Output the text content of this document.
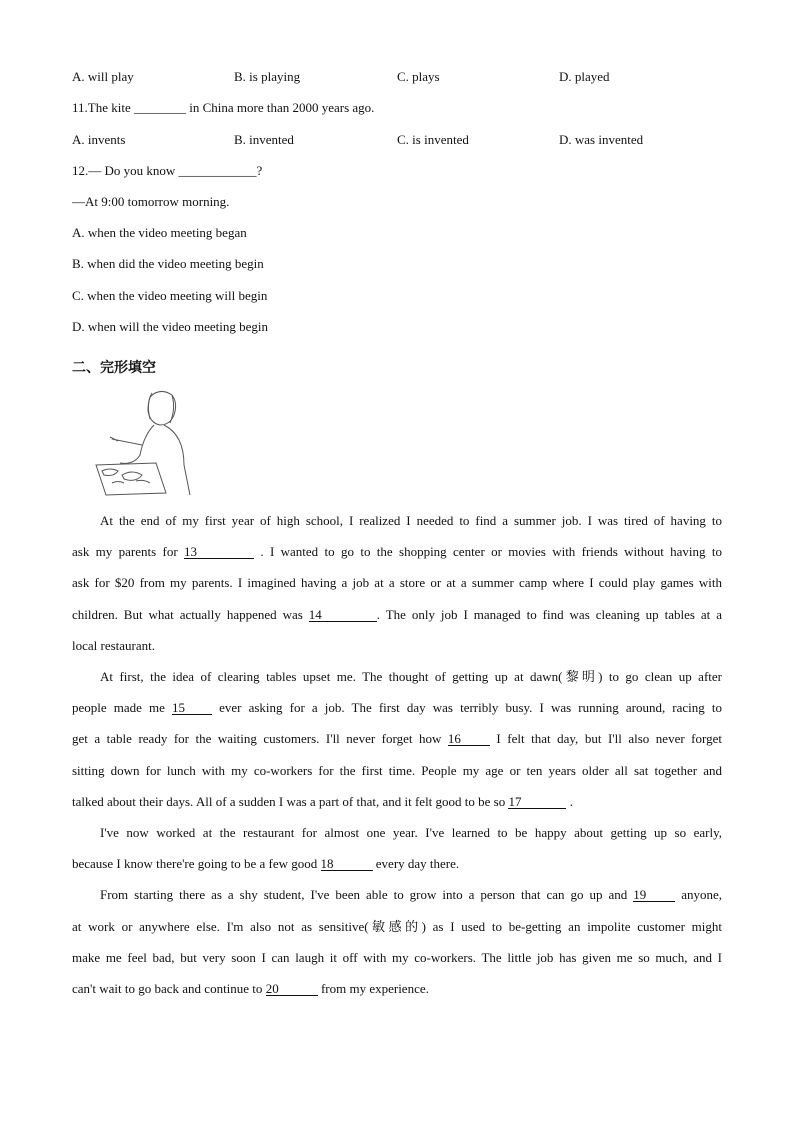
A. will play	B. is playing	C. plays	D. played
11.The kite ________ in China more than 2000 years ago.
A. invents	B. invented	C. is invented	D. was invented
12.— Do you know ____________?
—At 9:00 tomorrow morning.
A. when the video meeting began
B. when did the video meeting begin
C. when the video meeting will begin
D. when will the video meeting begin
二、完形填空
At the end of my first year of high school, I realized I needed to find a summer job. I was tired of having to
ask my parents for 13	. I wanted to go to the shopping center or movies with friends without having to
ask for $20 from my parents. I imagined having a job at a store or at a summer camp where I could play games with
children. But what actually happened was 14	. The only job I managed to find was cleaning up tables at a
local restaurant.
At first, the idea of clearing tables upset me. The thought of getting up at dawn(黎明) to go clean up after
people made me 15 ever asking for a job. The first day was terribly busy. I was running around, racing to
get a table ready for the waiting customers. I'll never forget how 16 I felt that day, but I'll also never forget
sitting down for lunch with my co-workers for the first time. People my age or ten years older all sat together and
talked about their days. All of a sudden I was a part of that, and it felt good to be so 17	.
I've now worked at the restaurant for almost one year. I've learned to be happy about getting up so early,
because I know there're going to be a few good 18	every day there.
From starting there as a shy student, I've been able to grow into a person that can go up and 19 anyone,
at work or anywhere else. I'm also not as sensitive(敏感的) as I used to be-getting an impolite customer might
make me feel bad, but very soon I can laugh it off with my co-workers. The little job has given me so much, and I
can't wait to go back and continue to 20	from my experience.
